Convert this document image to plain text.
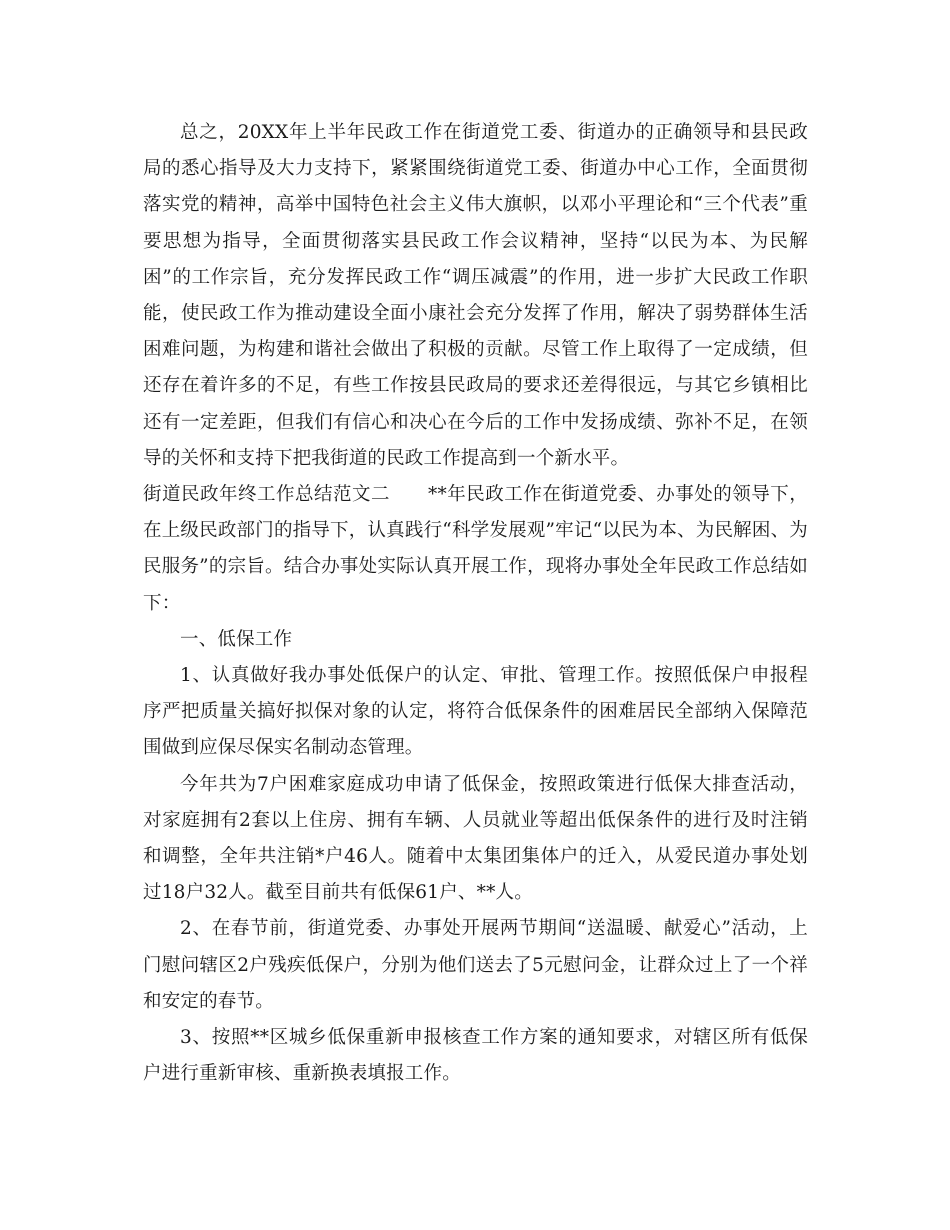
总之，20XX年上半年民政工作在街道党工委、街道办的正确领导和县民政局的悉心指导及大力支持下，紧紧围绕街道党工委、街道办中心工作，全面贯彻落实党的精神，高举中国特色社会主义伟大旗帜，以邓小平理论和“三个代表”重要思想为指导，全面贯彻落实县民政工作会议精神，坚持“以民为本、为民解困”的工作宗旨，充分发挥民政工作“调压减震”的作用，进一步扩大民政工作职能，使民政工作为推动建设全面小康社会充分发挥了作用，解决了弱势群体生活困难问题，为构建和谐社会做出了积极的贡献。尽管工作上取得了一定成绩，但还存在着许多的不足，有些工作按县民政局的要求还差得很远，与其它乡镇相比还有一定差距，但我们有信心和决心在今后的工作中发扬成绩、弥补不足，在领导的关怀和支持下把我街道的民政工作提高到一个新水平。

街道民政年终工作总结范文二　　**年民政工作在街道党委、办事处的领导下，在上级民政部门的指导下，认真践行“科学发展观”牢记“以民为本、为民解困、为民服务”的宗旨。结合办事处实际认真开展工作，现将办事处全年民政工作总结如下：

一、低保工作

1、认真做好我办事处低保户的认定、审批、管理工作。按照低保户申报程序严把质量关搞好拟保对象的认定，将符合低保条件的困难居民全部纳入保障范围做到应保尽保实名制动态管理。

今年共为7户困难家庭成功申请了低保金，按照政策进行低保大排查活动，对家庭拥有2套以上住房、拥有车辆、人员就业等超出低保条件的进行及时注销和调整，全年共注销*户46人。随着中太集团集体户的迁入，从爱民道办事处划过18户32人。截至目前共有低保61户、**人。

2、在春节前，街道党委、办事处开展两节期间“送温暖、献爱心”活动，上门慰问辖区2户残疾低保户，分别为他们送去了5元慰问金，让群众过上了一个祥和安定的春节。

3、按照**区城乡低保重新申报核查工作方案的通知要求，对辖区所有低保户进行重新审核、重新换表填报工作。
